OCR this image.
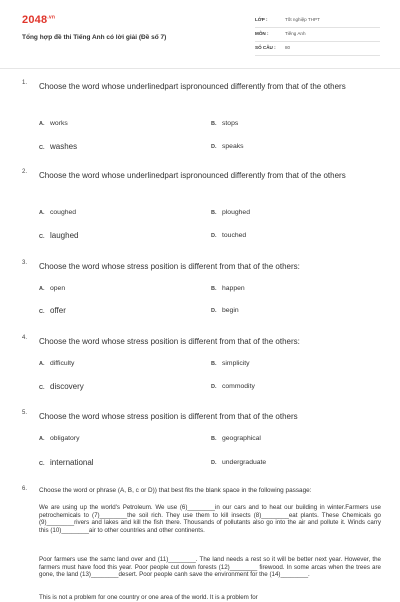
$2048^{.vn}$
Tổng hợp đề thi Tiếng Anh có lời giải (Đề số 7)
LỚP :	Tốt nghiệp THPT
MÔN :	Tiếng Anh
SỐ CÂU : 80
1. Choose the word whose underlinedpart ispronounced differently from that of the others
A. works	B. stops
C. washes	D. speaks
2. Choose the word whose underlinedpart ispronounced differently from that of the others
A. coughed	B. ploughed
C. laughed	D. touched
3. Choose the word whose stress position is different from that of the others:
A. open	B. happen
C. offer	D. begin
4. Choose the word whose stress position is different from that of the others:
A. difficulty	B. simplicity
C. discovery	D. commodity
5. Choose the word whose stress position is different from that of the others
A. obligatory	B. geographical
C. international	D. undergraduate
6. Choose the word or phrase (A, B, c or D)) that best fits the blank space in the following passage:
We are using up the world's Petroleum. We use (6)________in our cars and to heat our building in winter.Farmers use petrochemicals to (7)________the soil rich. They use them to kill insects (8)________eat plants. These Chemicals go (9)________rivers and lakes and kill the fish there. Thousands of pollutants also go into the air and pollute it. Winds carry this (10)________air to other countries and other continents.
Poor farmers use the samc land over and (11)________. The land needs a rest so it will be better next year. However, the farmers must have food this year. Poor people cut down forests (12)________ firewood. In some arcas when the trees are gone, the land (13)________desert. Poor people canh save the environment for the (14)________.
This is not a problem for one country or one area of the world. It is a problem for
